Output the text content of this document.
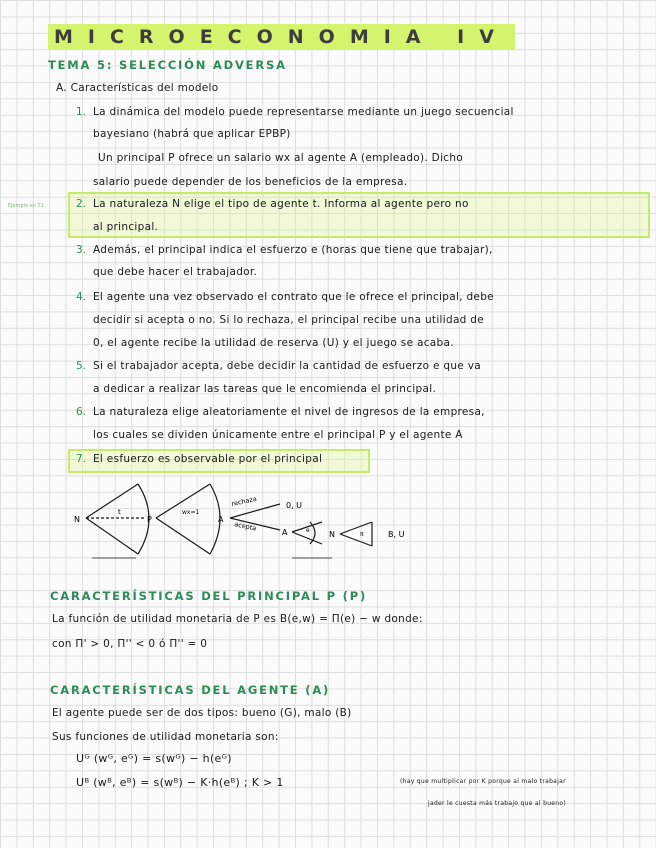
MICROECONOMIA IV
TEMA 5: SELECCIÓN ADVERSA
A. Características del modelo
Ejemplo en T1
1. La dinámica del modelo puede representarse mediante un juego secuencial
bayesiano (habrá que aplicar EPBP)
Un principal P ofrece un salario wx al agente A (empleado). Dicho
salario puede depender de los beneficios de la empresa.
2. La naturaleza N elige el tipo de agente t. Informa al agente pero no
al principal.
3. Además, el principal indica el esfuerzo e (horas que tiene que trabajar),
que debe hacer el trabajador.
4. El agente una vez observado el contrato que le ofrece el principal, debe
decidir si acepta o no. Si lo rechaza, el principal recibe una utilidad de
0, el agente recibe la utilidad de reserva (U) y el juego se acaba.
5. Si el trabajador acepta, debe decidir la cantidad de esfuerzo e que va
a dedicar a realizar las tareas que le encomienda el principal.
6. La naturaleza elige aleatoriamente el nivel de ingresos de la empresa,
los cuales se dividen únicamente entre el principal P y el agente A
7. El esfuerzo es observable por el principal
N
t
P
wx=1
A
rechaza
acepta
0, U
A	e N	π	B, U
CARACTERÍSTICAS DEL PRINCIPAL P (P)
La función de utilidad monetaria de P es B(e,w) = Π(e) − w donde:
con Π' > 0, Π'' < 0 ó Π'' = 0
CARACTERÍSTICAS DEL AGENTE (A)
El agente puede ser de dos tipos: bueno (G), malo (B)
Sus funciones de utilidad monetaria son:
Uᴳ (wᴳ, eᴳ) = s(wᴳ) − h(eᴳ)
Uᴮ (wᴮ, eᴮ) = s(wᴮ) − K·h(eᴮ) ; K > 1	(hay que multiplicar por K porque al malo trabajar
jader le cuesta más trabajo que al bueno)
